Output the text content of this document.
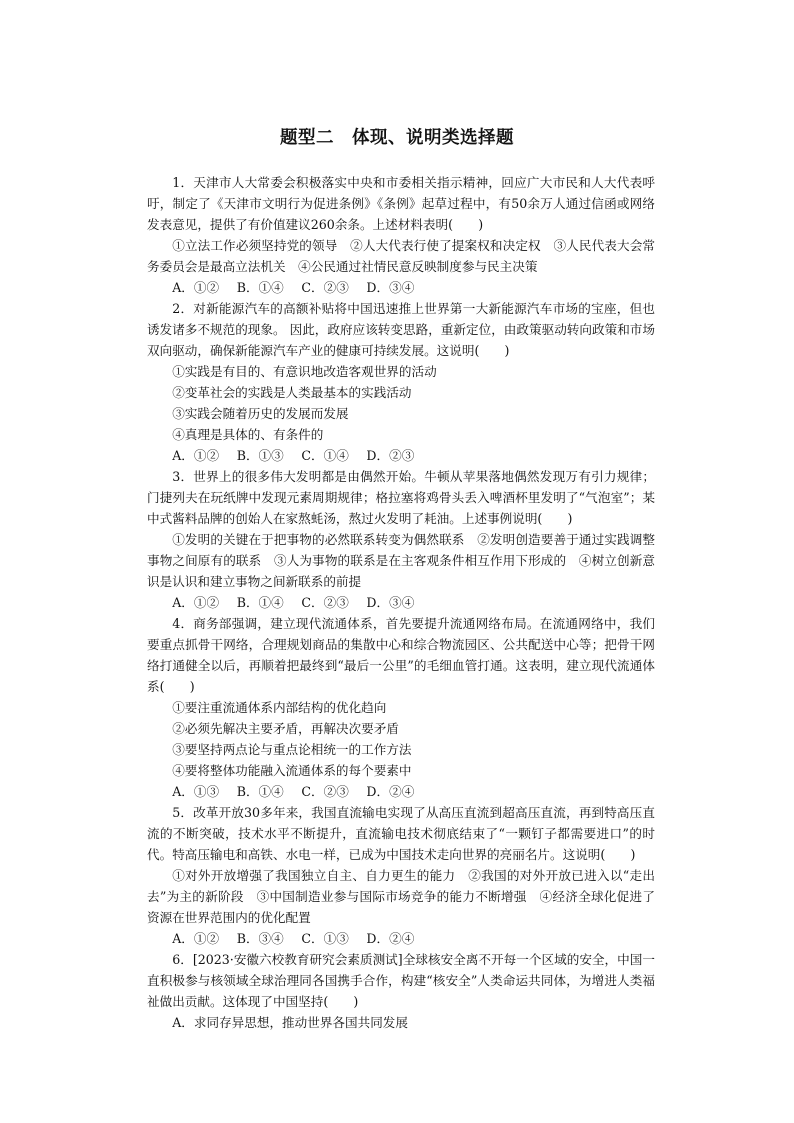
题型二　体现、说明类选择题

1．天津市人大常委会积极落实中央和市委相关指示精神，回应广大市民和人大代表呼吁，制定了《天津市文明行为促进条例》《条例》起草过程中，有50余万人通过信函或网络发表意见，提供了有价值建议260余条。上述材料表明(　　)

①立法工作必须坚持党的领导　②人大代表行使了提案权和决定权　③人民代表大会常务委员会是最高立法机关　④公民通过社情民意反映制度参与民主决策

A．①② B．①④ C．②③ D．③④

2．对新能源汽车的高额补贴将中国迅速推上世界第一大新能源汽车市场的宝座，但也诱发诸多不规范的现象。 因此，政府应该转变思路，重新定位，由政策驱动转向政策和市场双向驱动，确保新能源汽车产业的健康可持续发展。这说明(　　)

①实践是有目的、有意识地改造客观世界的活动

②变革社会的实践是人类最基本的实践活动

③实践会随着历史的发展而发展

④真理是具体的、有条件的

A．①② B．①③ C．①④ D．②③

3．世界上的很多伟大发明都是由偶然开始。牛顿从苹果落地偶然发现万有引力规律；门捷列夫在玩纸牌中发现元素周期规律；格拉塞将鸡骨头丢入啤酒杯里发明了“气泡室”；某中式酱料品牌的创始人在家熬蚝汤，熬过火发明了耗油。上述事例说明(　　)

①发明的关键在于把事物的必然联系转变为偶然联系　②发明创造要善于通过实践调整事物之间原有的联系　③人为事物的联系是在主客观条件相互作用下形成的　④树立创新意识是认识和建立事物之间新联系的前提

A．①② B．①④ C．②③ D．③④

4．商务部强调，建立现代流通体系，首先要提升流通网络布局。在流通网络中，我们要重点抓骨干网络，合理规划商品的集散中心和综合物流园区、公共配送中心等；把骨干网络打通健全以后，再顺着把最终到“最后一公里”的毛细血管打通。这表明，建立现代流通体系(　　)

①要注重流通体系内部结构的优化趋向

②必须先解决主要矛盾，再解决次要矛盾

③要坚持两点论与重点论相统一的工作方法

④要将整体功能融入流通体系的每个要素中

A．①③ B．①④ C．②③ D．②④

5．改革开放30多年来，我国直流输电实现了从高压直流到超高压直流，再到特高压直流的不断突破，技术水平不断提升，直流输电技术彻底结束了“一颗钉子都需要进口”的时代。特高压输电和高铁、水电一样，已成为中国技术走向世界的亮丽名片。这说明(　　)

①对外开放增强了我国独立自主、自力更生的能力　②我国的对外开放已进入以“走出去”为主的新阶段　③中国制造业参与国际市场竞争的能力不断增强　④经济全球化促进了资源在世界范围内的优化配置

A．①② B．③④ C．①③ D．②④

6．[2023·安徽六校教育研究会素质测试]全球核安全离不开每一个区域的安全，中国一直积极参与核领域全球治理同各国携手合作，构建“核安全”人类命运共同体，为增进人类福祉做出贡献。这体现了中国坚持(　　)

A．求同存异思想，推动世界各国共同发展
